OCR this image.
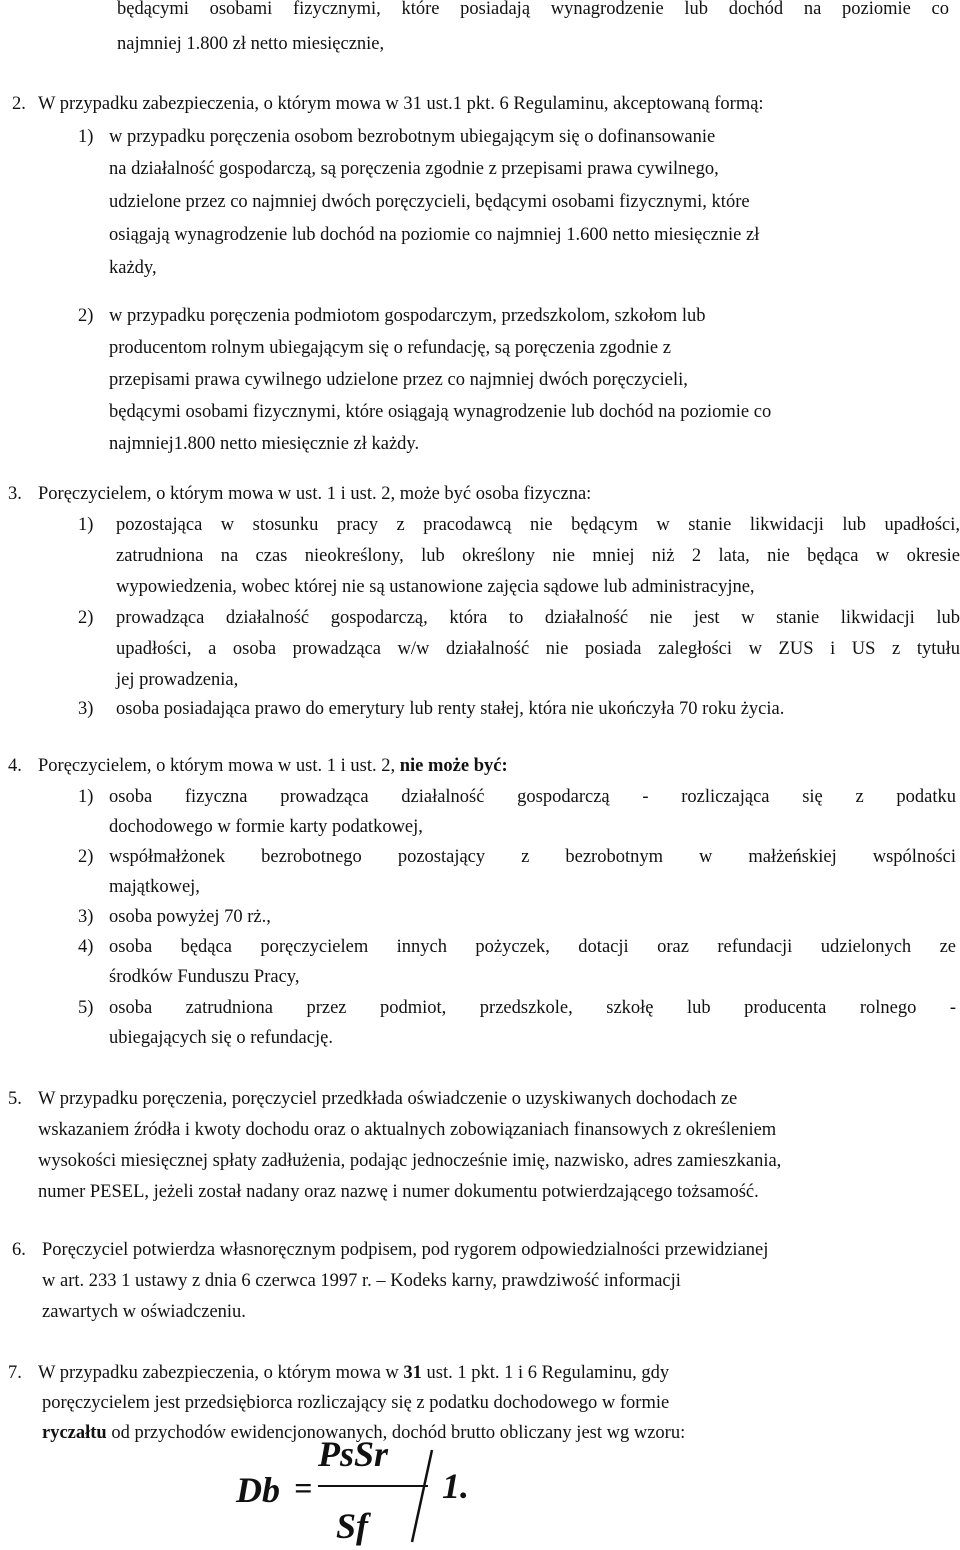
będącymi osobami fizycznymi, które posiadają wynagrodzenie lub dochód na poziomie co
najmniej 1.800 zł netto miesięcznie,
2. W przypadku zabezpieczenia, o którym mowa w 31 ust.1 pkt. 6 Regulaminu, akceptowaną formą:
1) w przypadku poręczenia osobom bezrobotnym ubiegającym się o dofinansowanie
na działalność gospodarczą, są poręczenia zgodnie z przepisami prawa cywilnego,
udzielone przez co najmniej dwóch poręczycieli, będącymi osobami fizycznymi, które
osiągają wynagrodzenie lub dochód na poziomie co najmniej 1.600 netto miesięcznie zł
każdy,
2) w przypadku poręczenia podmiotom gospodarczym, przedszkolom, szkołom lub
producentom rolnym ubiegającym się o refundację, są poręczenia zgodnie z
przepisami prawa cywilnego udzielone przez co najmniej dwóch poręczycieli,
będącymi osobami fizycznymi, które osiągają wynagrodzenie lub dochód na poziomie co
najmniej1.800 netto miesięcznie zł każdy.
3. Poręczycielem, o którym mowa w ust. 1 i ust. 2, może być osoba fizyczna:
1) pozostająca w stosunku pracy z pracodawcą nie będącym w stanie likwidacji lub upadłości,
zatrudniona na czas nieokreślony, lub określony nie mniej niż 2 lata, nie będąca w okresie
wypowiedzenia, wobec której nie są ustanowione zajęcia sądowe lub administracyjne,
2) prowadząca działalność gospodarczą, która to działalność nie jest w stanie likwidacji lub
upadłości, a osoba prowadząca w/w działalność nie posiada zaległości w ZUS i US z tytułu
jej prowadzenia,
3) osoba posiadająca prawo do emerytury lub renty stałej, która nie ukończyła 70 roku życia.
4. Poręczycielem, o którym mowa w ust. 1 i ust. 2, nie może być:
1) osoba fizyczna prowadząca działalność gospodarczą - rozliczająca się z podatku
dochodowego w formie karty podatkowej,
2) współmałżonek bezrobotnego pozostający z bezrobotnym w małżeńskiej wspólności
majątkowej,
3) osoba powyżej 70 rż.,
4) osoba będąca poręczycielem innych pożyczek, dotacji oraz refundacji udzielonych ze
środków Funduszu Pracy,
5) osoba zatrudniona przez podmiot, przedszkole, szkołę lub producenta rolnego -
ubiegających się o refundację.
5. W przypadku poręczenia, poręczyciel przedkłada oświadczenie o uzyskiwanych dochodach ze
wskazaniem źródła i kwoty dochodu oraz o aktualnych zobowiązaniach finansowych z określeniem
wysokości miesięcznej spłaty zadłużenia, podając jednocześnie imię, nazwisko, adres zamieszkania,
numer PESEL, jeżeli został nadany oraz nazwę i numer dokumentu potwierdzającego tożsamość.
6. Poręczyciel potwierdza własnoręcznym podpisem, pod rygorem odpowiedzialności przewidzianej
w art. 233 1 ustawy z dnia 6 czerwca 1997 r. – Kodeks karny, prawdziwość informacji
zawartych w oświadczeniu.
7. W przypadku zabezpieczenia, o którym mowa w 31 ust. 1 pkt. 1 i 6 Regulaminu, gdy
poręczycielem jest przedsiębiorca rozliczający się z podatku dochodowego w formie
ryczałtu od przychodów ewidencjonowanych, dochód brutto obliczany jest wg wzoru:
Db =
PsSr
Sf
1.
